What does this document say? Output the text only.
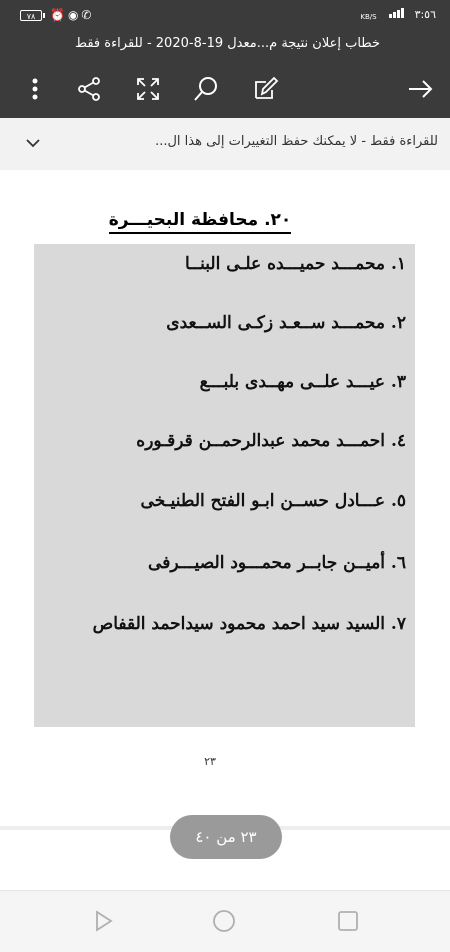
٧٨	⏰◉✆	KB/S	٣:٥٦
خطاب إعلان نتيجة م...معدل 19-8-2020 - للقراءة فقط
للقراءة فقط - لا يمكنك حفظ التغييرات إلى هذا ال...
٢٠. محافظة البحيـــرة
١. محمـــد حميـــده علـى البنــا
٢. محمـــد ســعـد زكـى الســعدى
٣. عيـــد علــى مهــدى بلبـــع
٤. احمـــد محمد عبدالرحمــن قرقـوره
٥. عـــادل حســن ابـو الفتح الطنيـخى
٦. أميــن جابــر محمـــود الصيـــرفى
٧. السيد سيد احمد محمود سيداحمد القفاص
٢٣
٢٣ من ٤٠
